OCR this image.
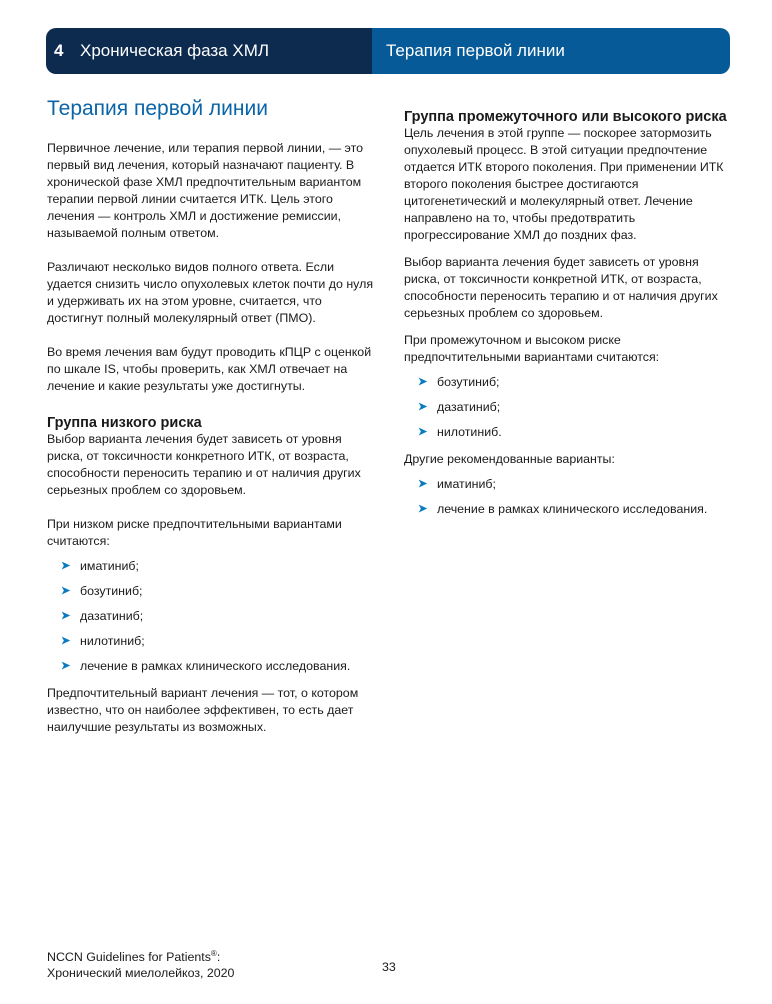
4 Хроническая фаза ХМЛ	Терапия первой линии
Терапия первой линии

Первичное лечение, или терапия первой линии, — это первый вид лечения, который назначают пациенту. В хронической фазе ХМЛ предпочтительным вариантом терапии первой линии считается ИТК. Цель этого лечения — контроль ХМЛ и достижение ремиссии, называемой полным ответом.

Различают несколько видов полного ответа. Если удается снизить число опухолевых клеток почти до нуля и удерживать их на этом уровне, считается, что достигнут полный молекулярный ответ (ПМО).

Во время лечения вам будут проводить кПЦР с оценкой по шкале IS, чтобы проверить, как ХМЛ отвечает на лечение и какие результаты уже достигнуты.

Группа низкого риска

Выбор варианта лечения будет зависеть от уровня риска, от токсичности конкретного ИТК, от возраста, способности переносить терапию и от наличия других серьезных проблем со здоровьем.

При низком риске предпочтительными вариантами считаются:

➤ иматиниб;
➤ бозутиниб;
➤ дазатиниб;
➤ нилотиниб;
➤ лечение в рамках клинического исследования.

Предпочтительный вариант лечения — тот, о котором известно, что он наиболее эффективен, то есть дает наилучшие результаты из возможных.

Группа промежуточного или высокого риска

Цель лечения в этой группе — поскорее затормозить опухолевый процесс. В этой ситуации предпочтение отдается ИТК второго поколения. При применении ИТК второго поколения быстрее достигаются цитогенетический и молекулярный ответ. Лечение направлено на то, чтобы предотвратить прогрессирование ХМЛ до поздних фаз.

Выбор варианта лечения будет зависеть от уровня риска, от токсичности конкретной ИТК, от возраста, способности переносить терапию и от наличия других серьезных проблем со здоровьем.

При промежуточном и высоком риске предпочтительными вариантами считаются:

➤ бозутиниб;
➤ дазатиниб;
➤ нилотиниб.

Другие рекомендованные варианты:

➤ иматиниб;
➤ лечение в рамках клинического исследования.
NCCN Guidelines for Patients®:
Хронический миелолейкоз, 2020	33
